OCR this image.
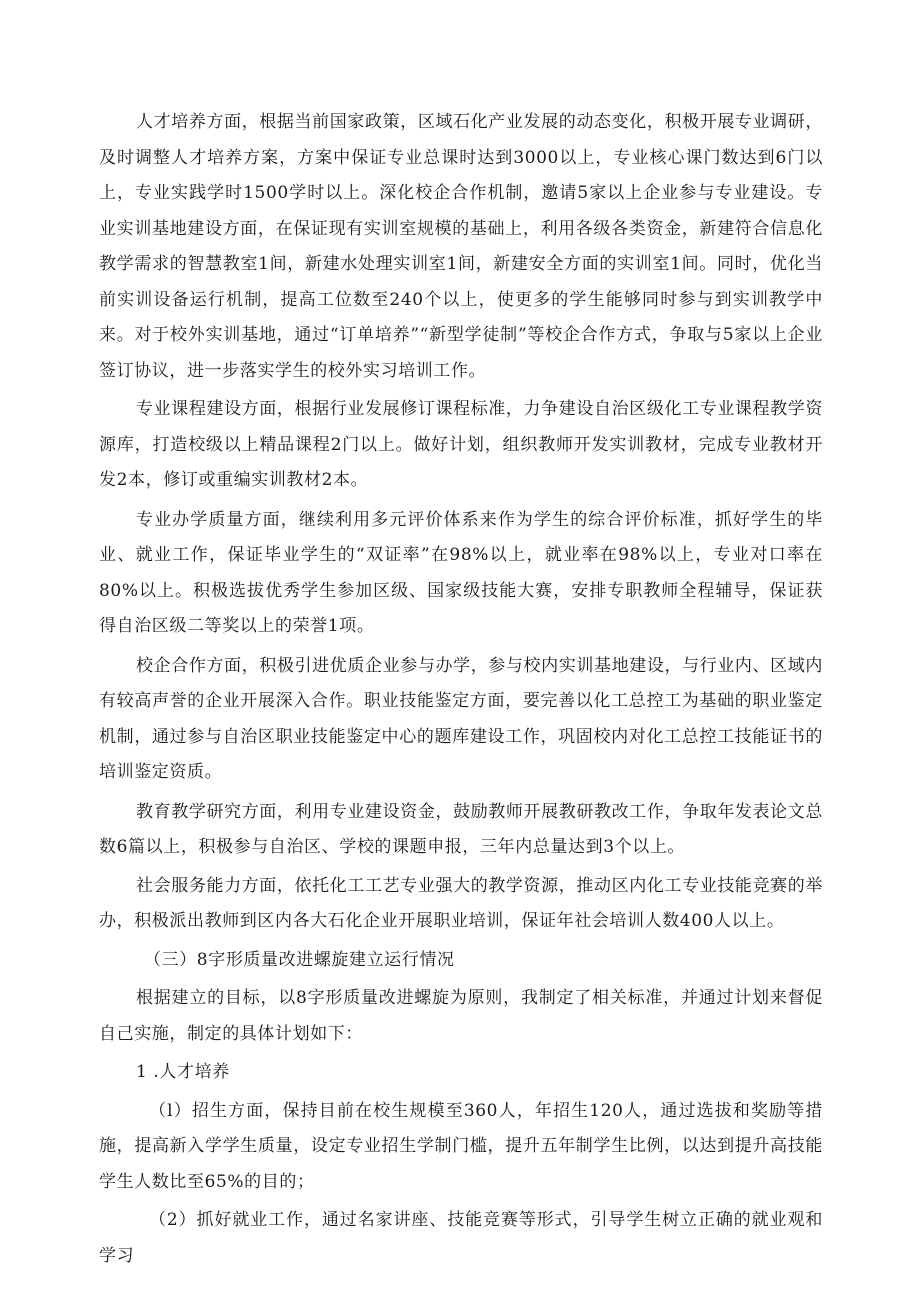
人才培养方面，根据当前国家政策，区域石化产业发展的动态变化，积极开展专业调研，及时调整人才培养方案，方案中保证专业总课时达到3000以上，专业核心课门数达到6门以上，专业实践学时1500学时以上。深化校企合作机制，邀请5家以上企业参与专业建设。专业实训基地建设方面，在保证现有实训室规模的基础上，利用各级各类资金，新建符合信息化教学需求的智慧教室1间，新建水处理实训室1间，新建安全方面的实训室1间。同时，优化当前实训设备运行机制，提高工位数至240个以上，使更多的学生能够同时参与到实训教学中来。对于校外实训基地，通过“订单培养”“新型学徒制”等校企合作方式，争取与5家以上企业签订协议，进一步落实学生的校外实习培训工作。

专业课程建设方面，根据行业发展修订课程标准，力争建设自治区级化工专业课程教学资源库，打造校级以上精品课程2门以上。做好计划，组织教师开发实训教材，完成专业教材开发2本，修订或重编实训教材2本。

专业办学质量方面，继续利用多元评价体系来作为学生的综合评价标准，抓好学生的毕业、就业工作，保证毕业学生的“双证率”在98%以上，就业率在98%以上，专业对口率在80%以上。积极选拔优秀学生参加区级、国家级技能大赛，安排专职教师全程辅导，保证获得自治区级二等奖以上的荣誉1项。

校企合作方面，积极引进优质企业参与办学，参与校内实训基地建设，与行业内、区域内有较高声誉的企业开展深入合作。职业技能鉴定方面，要完善以化工总控工为基础的职业鉴定机制，通过参与自治区职业技能鉴定中心的题库建设工作，巩固校内对化工总控工技能证书的培训鉴定资质。

教育教学研究方面，利用专业建设资金，鼓励教师开展教研教改工作，争取年发表论文总数6篇以上，积极参与自治区、学校的课题申报，三年内总量达到3个以上。

社会服务能力方面，依托化工工艺专业强大的教学资源，推动区内化工专业技能竞赛的举办，积极派出教师到区内各大石化企业开展职业培训，保证年社会培训人数400人以上。

（三）8字形质量改进螺旋建立运行情况

根据建立的目标，以8字形质量改进螺旋为原则，我制定了相关标准，并通过计划来督促自己实施，制定的具体计划如下：

1 .人才培养

（l）招生方面，保持目前在校生规模至360人，年招生120人，通过选拔和奖励等措施，提高新入学学生质量，设定专业招生学制门槛，提升五年制学生比例，以达到提升高技能学生人数比至65%的目的；

（2）抓好就业工作，通过名家讲座、技能竞赛等形式，引导学生树立正确的就业观和学习
